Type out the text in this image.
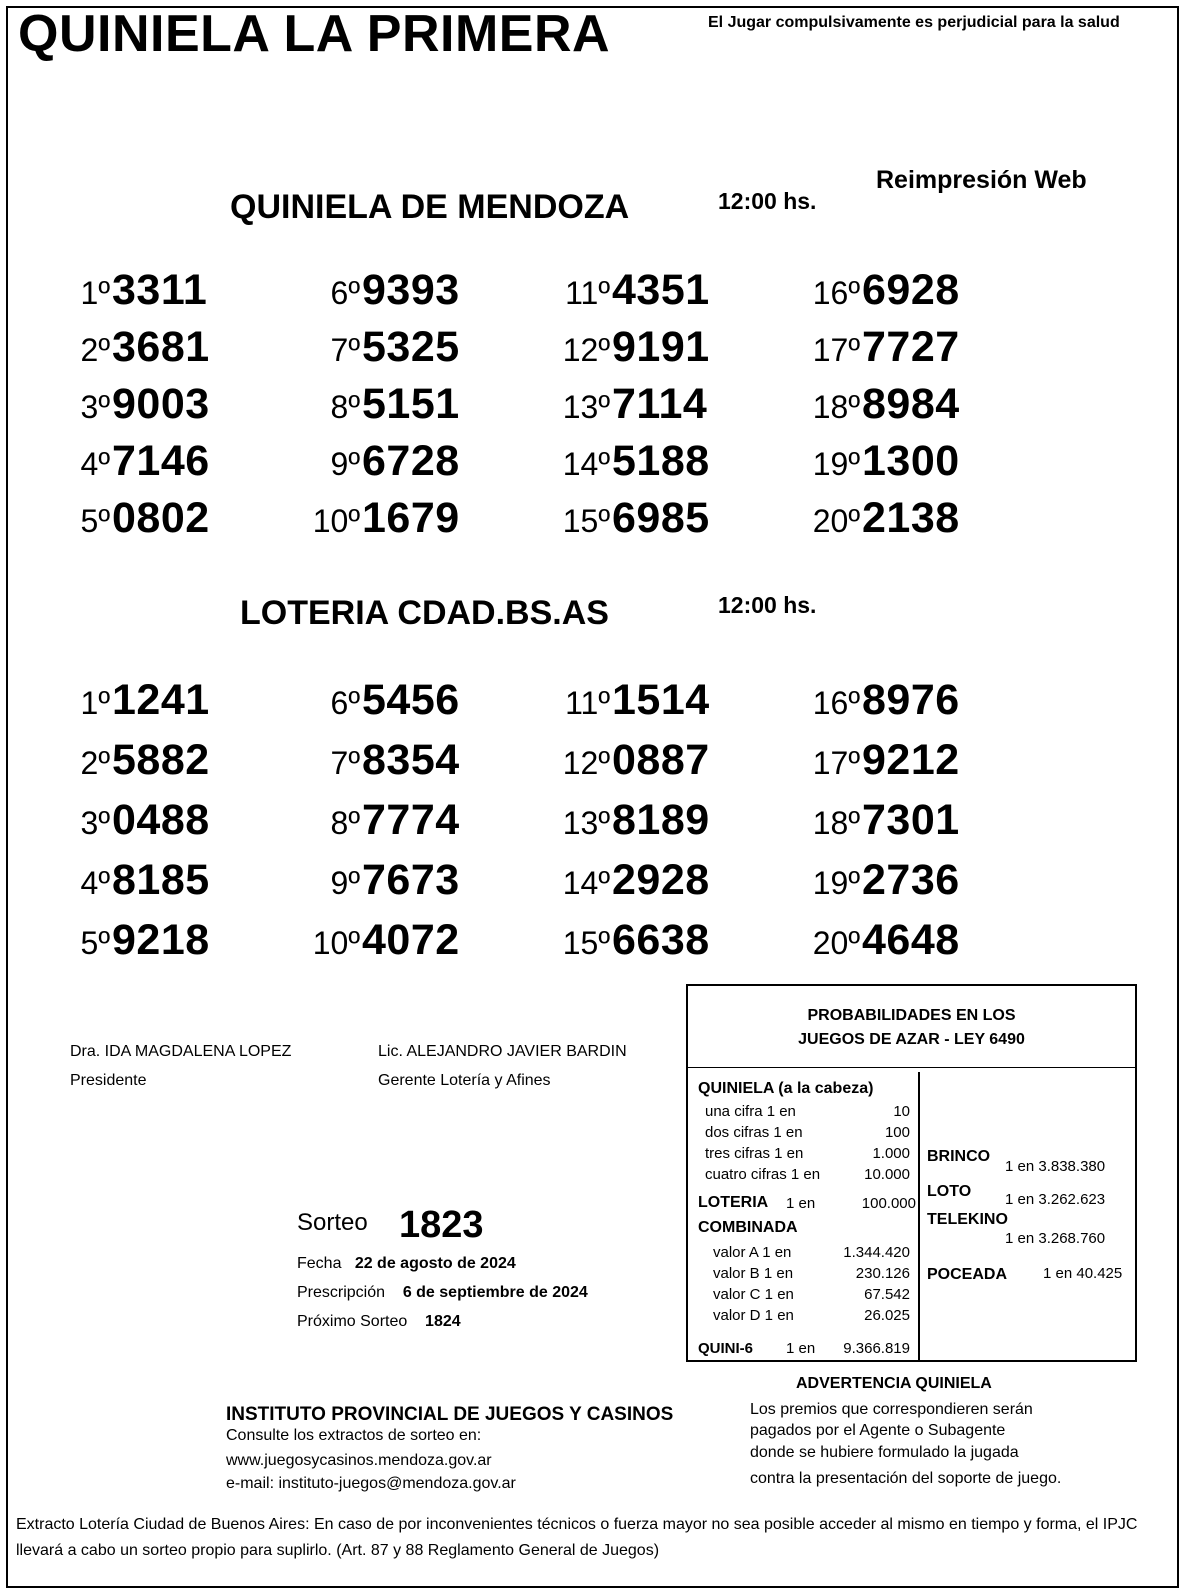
QUINIELA LA PRIMERA	El Jugar compulsivamente es perjudicial para la salud
Reimpresión Web
QUINIELA DE MENDOZA	12:00 hs.
1º 3311	6º 9393	11º 4351	16º 6928
2º 3681	7º 5325	12º 9191	17º 7727
3º 9003	8º 5151	13º 7114	18º 8984
4º 7146	9º 6728	14º 5188	19º 1300
5º 0802	10º 1679	15º 6985	20º 2138
LOTERIA CDAD.BS.AS	12:00 hs.
1º 1241	6º 5456	11º 1514	16º 8976
2º 5882	7º 8354	12º 0887	17º 9212
3º 0488	8º 7774	13º 8189	18º 7301
4º 8185	9º 7673	14º 2928	19º 2736
5º 9218	10º 4072	15º 6638	20º 4648
Dra. IDA MAGDALENA LOPEZ
Presidente
Lic. ALEJANDRO JAVIER BARDIN
Gerente Lotería y Afines
Sorteo 1823
Fecha 22 de agosto de 2024
Prescripción 6 de septiembre de 2024
Próximo Sorteo 1824
PROBABILIDADES EN LOS
JUEGOS DE AZAR - LEY 6490
QUINIELA (a la cabeza)
una cifra 1 en	10
dos cifras 1 en	100
tres cifras 1 en	1.000
cuatro cifras 1 en	10.000
LOTERIA 1 en	100.000
COMBINADA
valor A 1 en	1.344.420
valor B 1 en	230.126
valor C 1 en	67.542
valor D 1 en	26.025
QUINI-6 1 en	9.366.819
BRINCO
1 en 3.838.380
LOTO 1 en 3.262.623
TELEKINO
1 en 3.268.760
POCEADA 1 en 40.425
INSTITUTO PROVINCIAL DE JUEGOS Y CASINOS
Consulte los extractos de sorteo en:
www.juegosycasinos.mendoza.gov.ar
e-mail: instituto-juegos@mendoza.gov.ar
ADVERTENCIA QUINIELA
Los premios que correspondieren serán
pagados por el Agente o Subagente
donde se hubiere formulado la jugada
contra la presentación del soporte de juego.
Extracto Lotería Ciudad de Buenos Aires: En caso de por inconvenientes técnicos o fuerza mayor no sea posible acceder al mismo en tiempo y forma, el IPJC llevará a cabo un sorteo propio para suplirlo. (Art. 87 y 88 Reglamento General de Juegos)
